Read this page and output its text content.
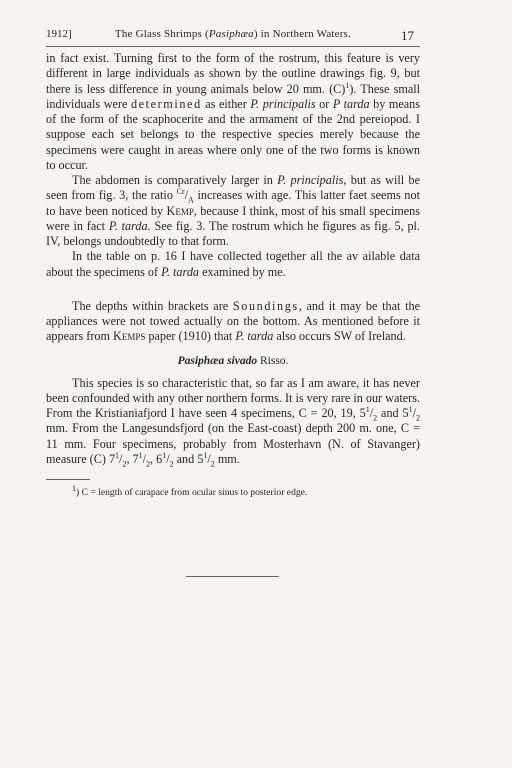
1912]	The Glass Shrimps (Pasiphæa) in Northern Waters.	17

in fact exist. Turning first to the form of the rostrum, this feature is very different in large individuals as shown by the outline drawings fig. 9, but there is less difference in young animals below 20 mm. $(C)^1$). These small individuals were determined as either P. principalis or P tarda by means of the form of the scaphocerite and the armament of the 2nd pereiopod. I suppose each set belongs to the respective species merely because the specimens were caught in areas where only one of the two forms is known to occur.

The abdomen is comparatively larger in P. principalis, but as will be seen from fig. 3, the ratio $^{Cr}/_A$ increases with age. This latter faet seems not to have been noticed by Kemp, because I think, most of his small specimens were in fact P. tarda. See fig. 3. The rostrum which he figures as fig. 5, pl. IV, belongs undoubtedly to that form.

In the table on p. 16 I have collected together all the av ailable data about the specimens of P. tarda examined by me.

The depths within brackets are Soundings, and it may be that the appliances were not towed actually on the bottom. As mentioned before it appears from Kemps paper (1910) that P. tarda also occurs SW of Ireland.

Pasiphæa sivado Risso.

This species is so characteristic that, so far as I am aware, it has never been confounded with any other northern forms. It is very rare in our waters. From the Kristianiafjord I have seen 4 specimens, C = 20, 19, $5^1/_2$ and $5^1/_2$ mm. From the Langesundsfjord (on the East-coast) depth 200 m. one, C = 11 mm. Four specimens, probably from Mosterhavn (N. of Stavanger) measure (C) $7^1/_2$, $7^1/_2$, $6^1/_2$ and $5^1/_2$ mm.

$^1$) C = length of carapace from ocular sinus to posterior edge.
